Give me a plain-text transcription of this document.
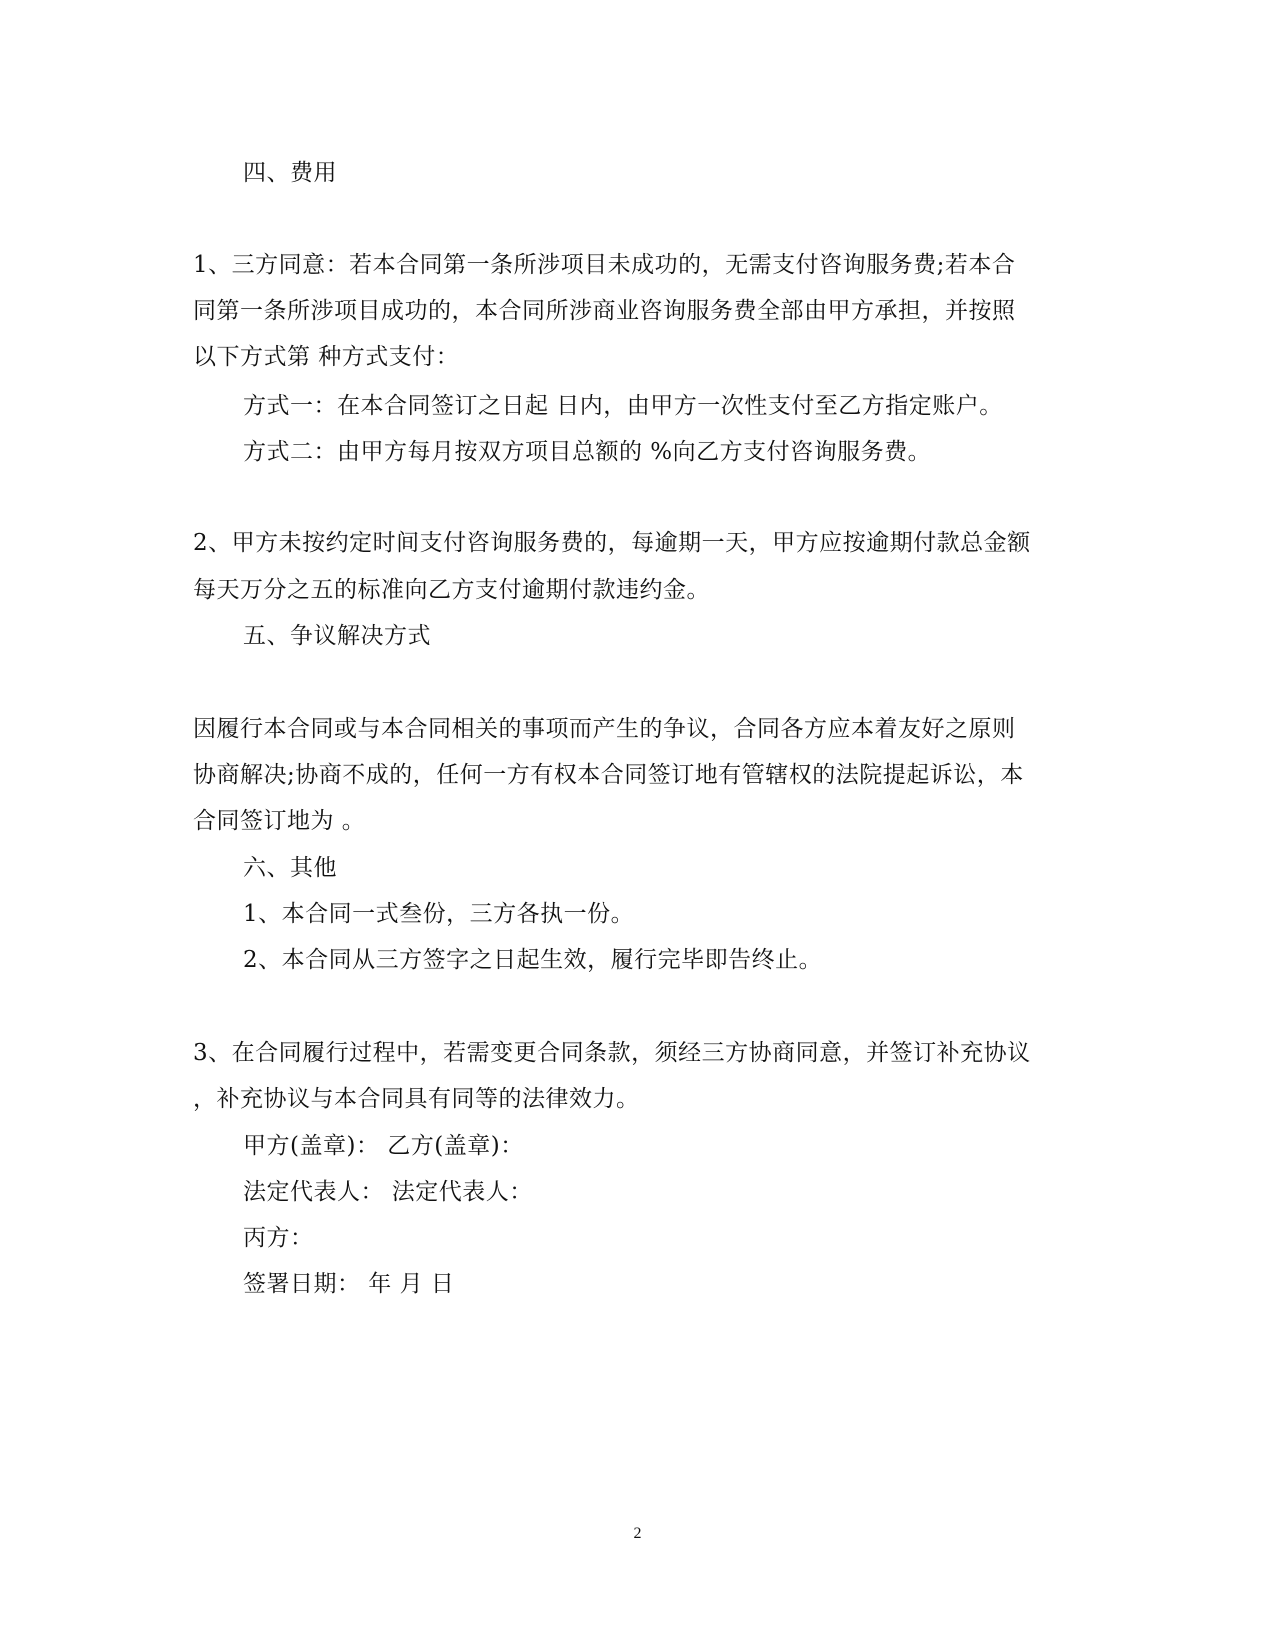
四、费用
1、三方同意：若本合同第一条所涉项目未成功的，无需支付咨询服务费;若本合
同第一条所涉项目成功的，本合同所涉商业咨询服务费全部由甲方承担，并按照
以下方式第 种方式支付：
方式一：在本合同签订之日起 日内，由甲方一次性支付至乙方指定账户。
方式二：由甲方每月按双方项目总额的 %向乙方支付咨询服务费。
2、甲方未按约定时间支付咨询服务费的，每逾期一天，甲方应按逾期付款总金额
每天万分之五的标准向乙方支付逾期付款违约金。
五、争议解决方式
因履行本合同或与本合同相关的事项而产生的争议，合同各方应本着友好之原则
协商解决;协商不成的，任何一方有权本合同签订地有管辖权的法院提起诉讼，本
合同签订地为 。
六、其他
1、本合同一式叁份，三方各执一份。
2、本合同从三方签字之日起生效，履行完毕即告终止。
3、在合同履行过程中，若需变更合同条款，须经三方协商同意，并签订补充协议
，补充协议与本合同具有同等的法律效力。
甲方(盖章)： 乙方(盖章)：
法定代表人： 法定代表人：
丙方：
签署日期： 年 月 日
2
